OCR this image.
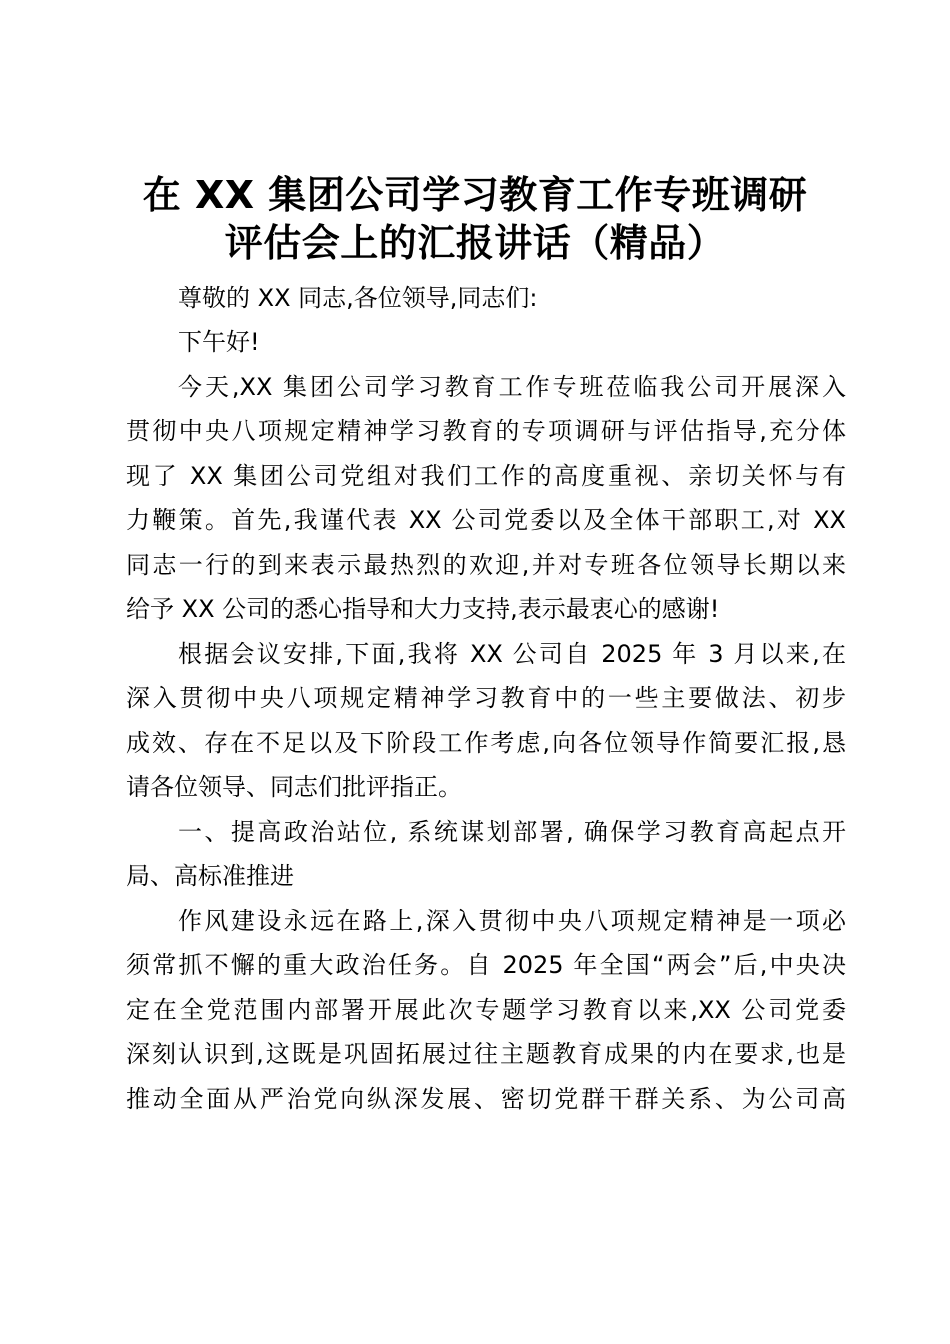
在 XX 集团公司学习教育工作专班调研
评估会上的汇报讲话（精品）
尊敬的 XX 同志,各位领导,同志们:
下午好!
今天,XX 集团公司学习教育工作专班莅临我公司开展深入
贯彻中央八项规定精神学习教育的专项调研与评估指导,充分体
现了 XX 集团公司党组对我们工作的高度重视、亲切关怀与有
力鞭策。首先,我谨代表 XX 公司党委以及全体干部职工,对 XX
同志一行的到来表示最热烈的欢迎,并对专班各位领导长期以来
给予 XX 公司的悉心指导和大力支持,表示最衷心的感谢!
根据会议安排,下面,我将 XX 公司自 2025 年 3 月以来,在
深入贯彻中央八项规定精神学习教育中的一些主要做法、初步
成效、存在不足以及下阶段工作考虑,向各位领导作简要汇报,恳
请各位领导、同志们批评指正。
一、提高政治站位, 系统谋划部署, 确保学习教育高起点开
局、高标准推进
作风建设永远在路上,深入贯彻中央八项规定精神是一项必
须常抓不懈的重大政治任务。自 2025 年全国“两会”后,中央决
定在全党范围内部署开展此次专题学习教育以来,XX 公司党委
深刻认识到,这既是巩固拓展过往主题教育成果的内在要求,也是
推动全面从严治党向纵深发展、密切党群干群关系、为公司高
